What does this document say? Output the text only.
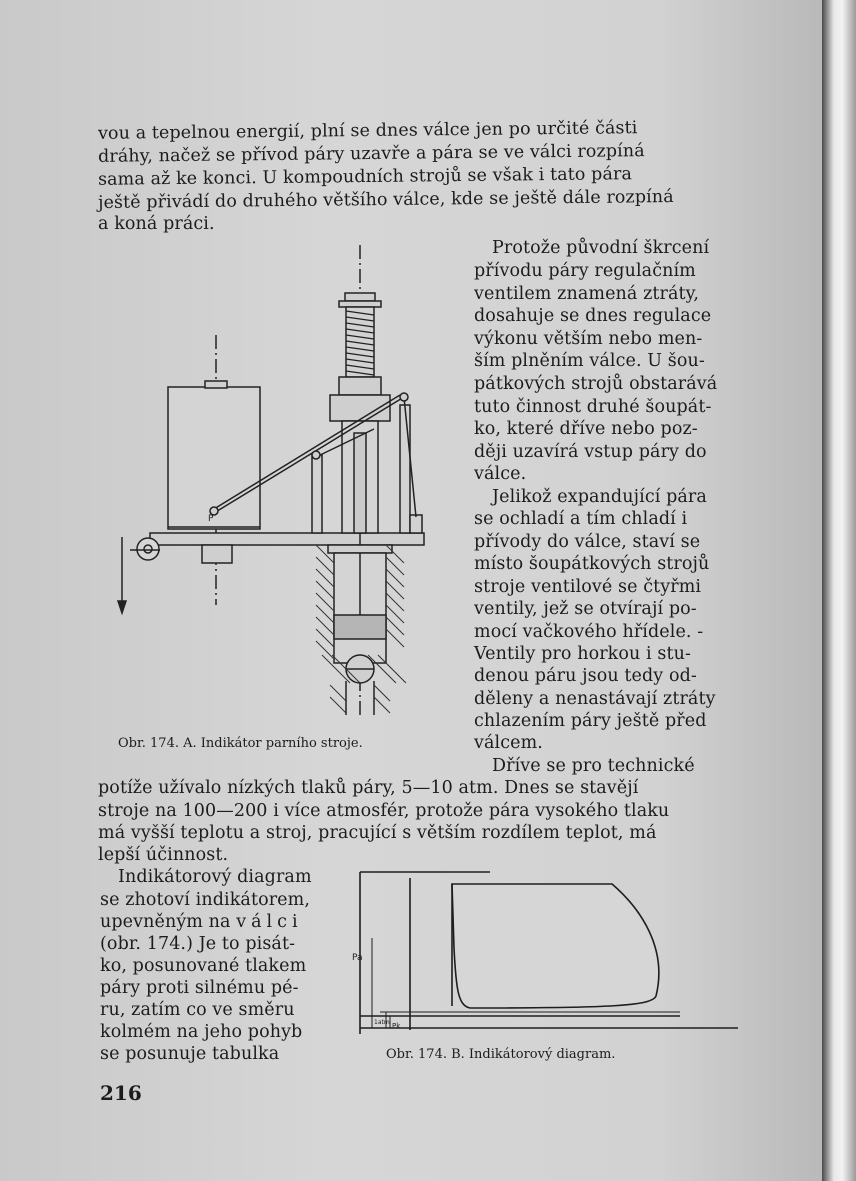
vou a tepelnou energií, plní se dnes válce jen po určité části
dráhy, načež se přívod páry uzavře a pára se ve válci rozpíná
sama až ke konci. U kompoudních strojů se však i tato pára
ještě přivádí do druhého většího válce, kde se ještě dále rozpíná
a koná práci.
Protože původní škrcení
přívodu páry regulačním
ventilem znamená ztráty,
dosahuje se dnes regulace
výkonu větším nebo men-
ším plněním válce. U šou-
pátkových strojů obstarává
tuto činnost druhé šoupát-
ko, které dříve nebo poz-
ději uzavírá vstup páry do
válce.
Jelikož expandující pára
se ochladí a tím chladí i
přívody do válce, staví se
místo šoupátkových strojů
stroje ventilové se čtyřmi
ventily, jež se otvírají po-
mocí vačkového hřídele. -
Ventily pro horkou i stu-
denou páru jsou tedy od-
děleny a nenastávají ztráty
chlazením páry ještě před
válcem.
Dříve se pro technické
potíže užívalo nízkých tlaků páry, 5—10 atm. Dnes se stavějí
stroje na 100—200 i více atmosfér, protože pára vysokého tlaku
má vyšší teplotu a stroj, pracující s větším rozdílem teplot, má
lepší účinnost.
Indikátorový diagram
se zhotoví indikátorem,
upevněným na válci
(obr. 174.) Je to pisát-
ko, posunované tlakem
páry proti silnému pé-
ru, zatím co ve směru
kolmém na jeho pohyb
se posunuje tabulka
216
P
Obr. 174. A. Indikátor parního stroje.
Pa
1atm Pk
Obr. 174. B. Indikátorový diagram.
